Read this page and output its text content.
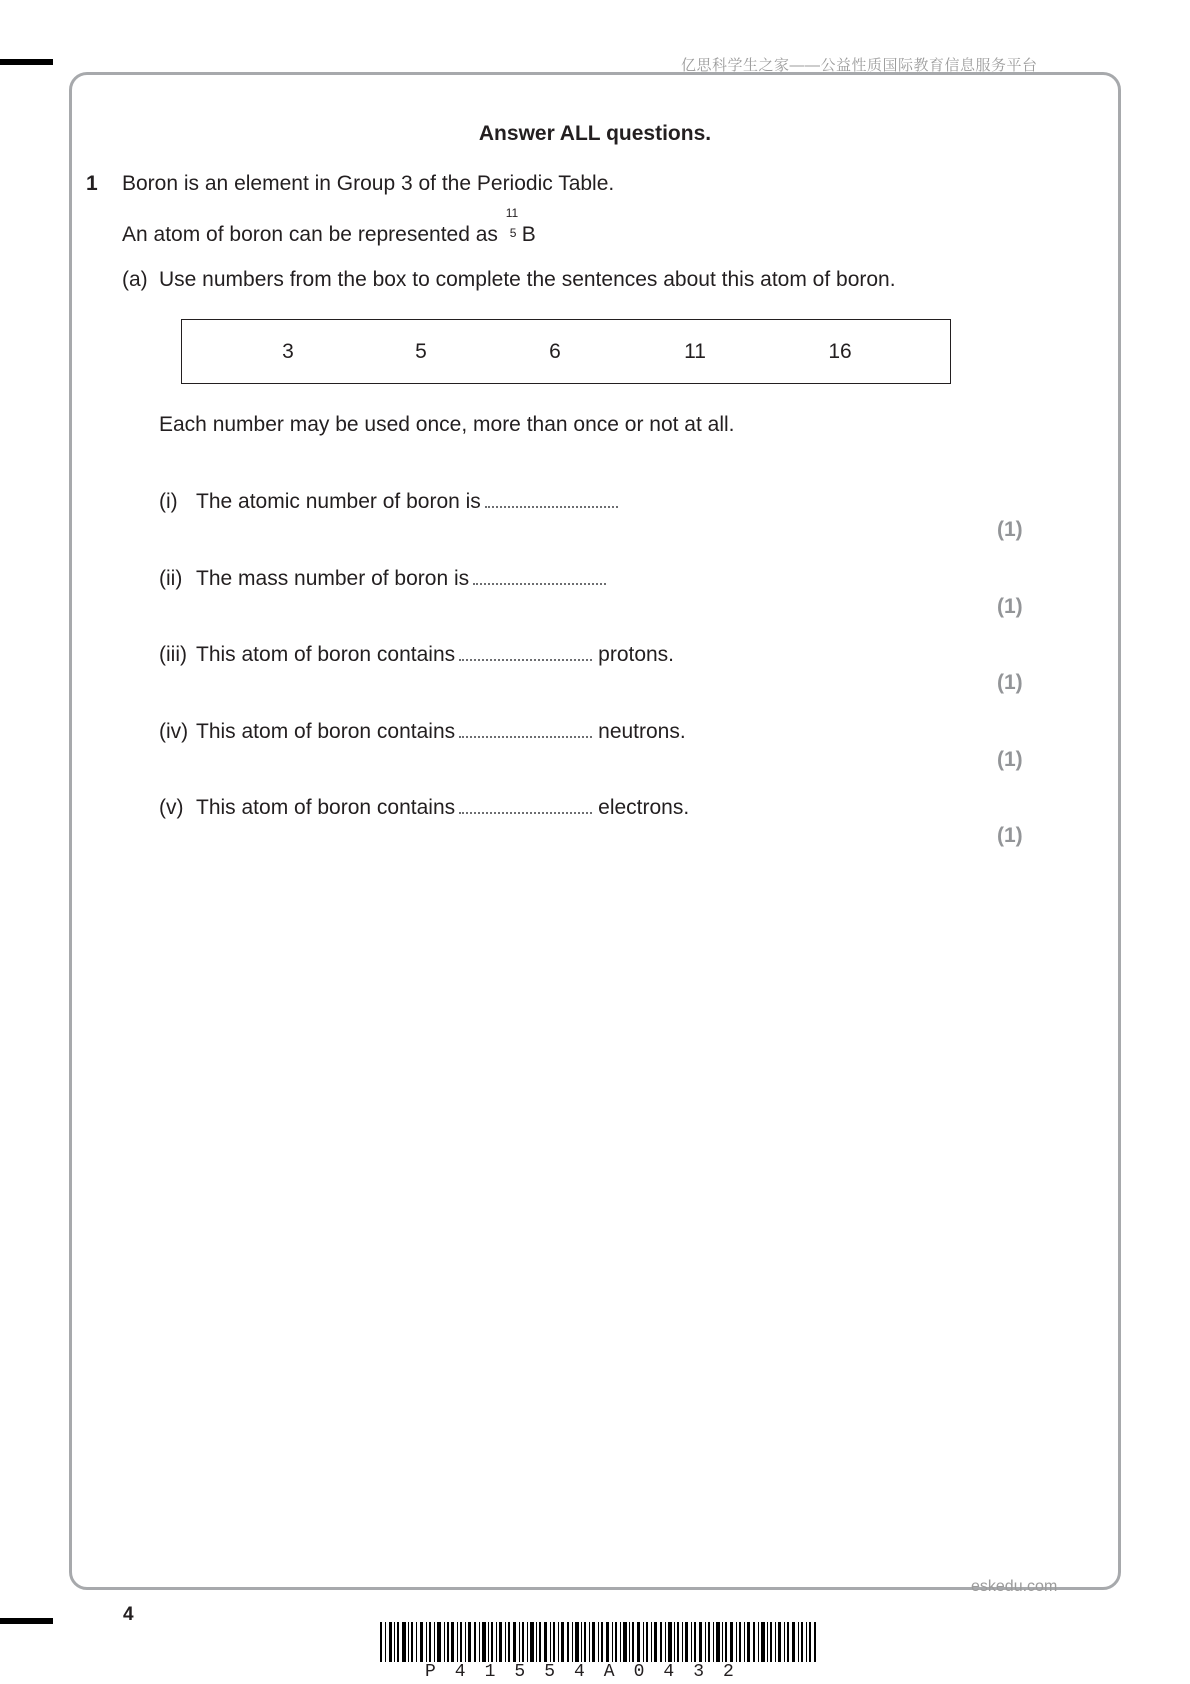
亿思科学生之家——公益性质国际教育信息服务平台
Answer ALL questions.
1 Boron is an element in Group 3 of the Periodic Table.
An atom of boron can be represented as
11
5 B
(a) Use numbers from the box to complete the sentences about this atom of boron.
3	5	6	11	16
Each number may be used once, more than once or not at all.
(i) The atomic number of boron is
(1)
(ii) The mass number of boron is
(1)
(iii) This atom of boron contains	protons.
(1)
(iv) This atom of boron contains	neutrons.
(1)
(v) This atom of boron contains	electrons.
(1)
eskedu.com
4
P41554A0432
